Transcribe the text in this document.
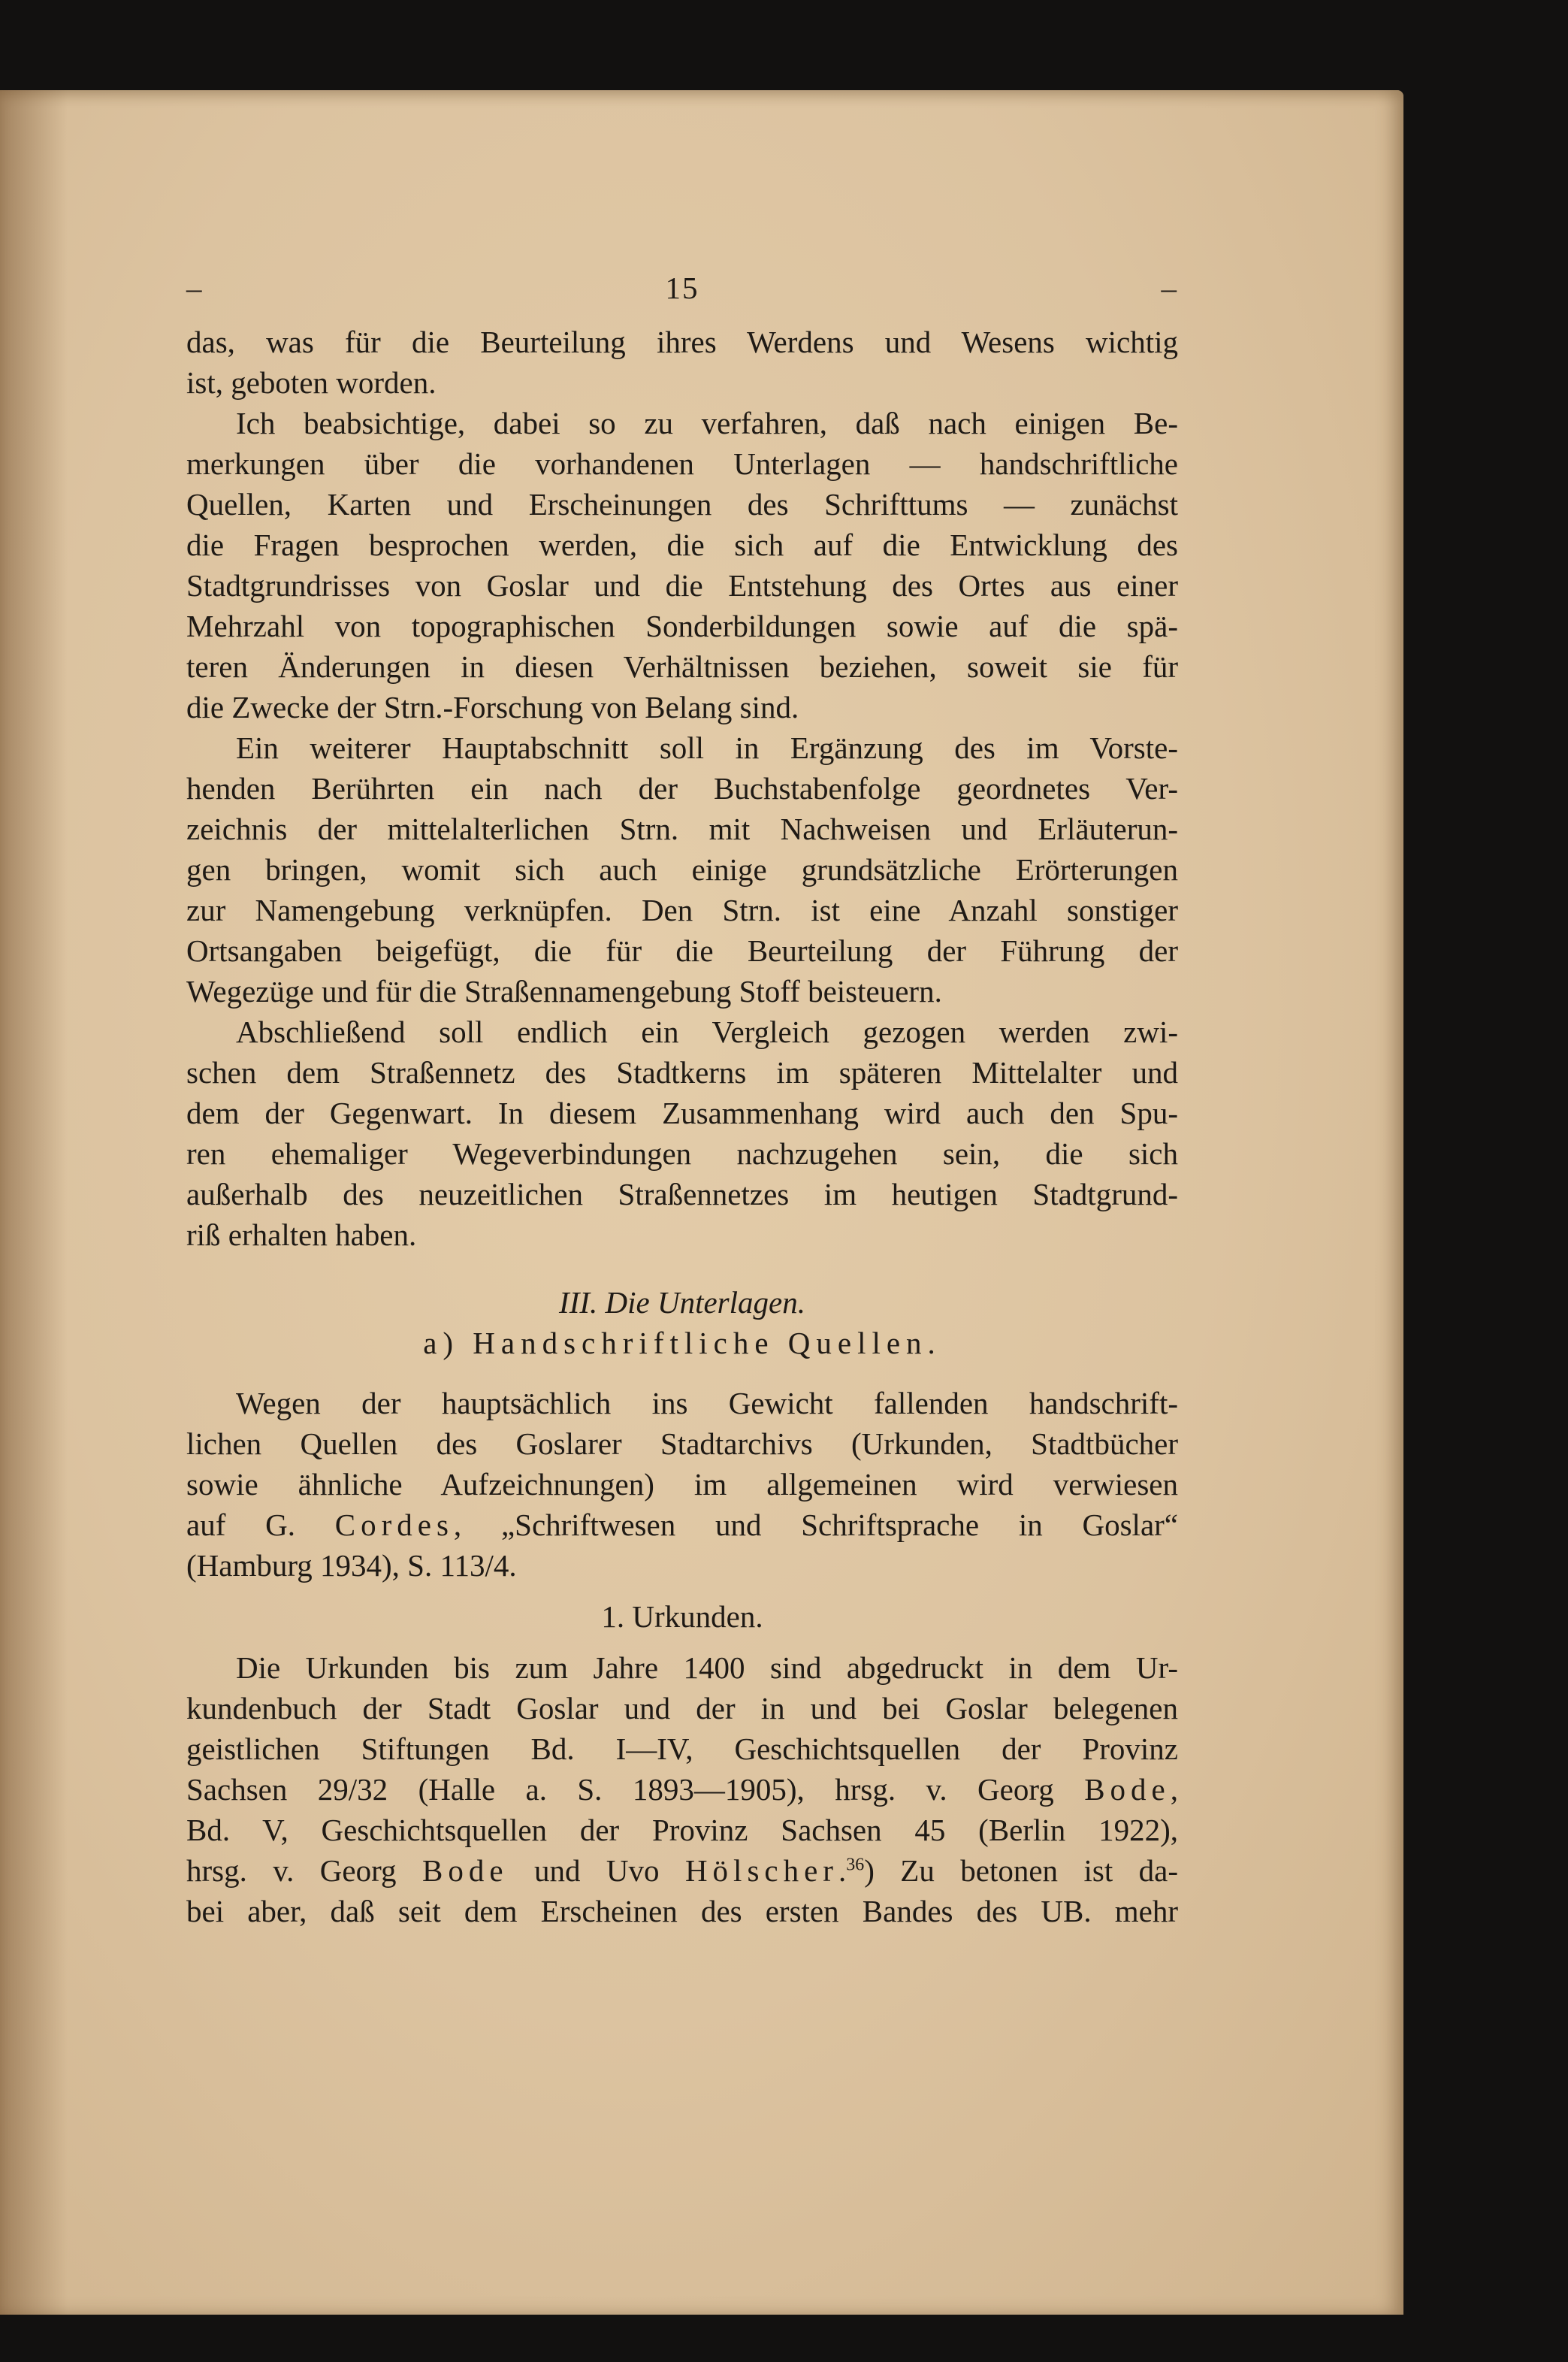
– 15 –

das, was für die Beurteilung ihres Werdens und Wesens wichtig

ist, geboten worden.

Ich beabsichtige, dabei so zu verfahren, daß nach einigen Be-

merkungen über die vorhandenen Unterlagen — handschriftliche

Quellen, Karten und Erscheinungen des Schrifttums — zunächst

die Fragen besprochen werden, die sich auf die Entwicklung des

Stadtgrundrisses von Goslar und die Entstehung des Ortes aus einer

Mehrzahl von topographischen Sonderbildungen sowie auf die spä-

teren Änderungen in diesen Verhältnissen beziehen, soweit sie für

die Zwecke der Strn.-Forschung von Belang sind.

Ein weiterer Hauptabschnitt soll in Ergänzung des im Vorste-

henden Berührten ein nach der Buchstabenfolge geordnetes Ver-

zeichnis der mittelalterlichen Strn. mit Nachweisen und Erläuterun-

gen bringen, womit sich auch einige grundsätzliche Erörterungen

zur Namengebung verknüpfen. Den Strn. ist eine Anzahl sonstiger

Ortsangaben beigefügt, die für die Beurteilung der Führung der

Wegezüge und für die Straßennamengebung Stoff beisteuern.

Abschließend soll endlich ein Vergleich gezogen werden zwi-

schen dem Straßennetz des Stadtkerns im späteren Mittelalter und

dem der Gegenwart. In diesem Zusammenhang wird auch den Spu-

ren ehemaliger Wegeverbindungen nachzugehen sein, die sich

außerhalb des neuzeitlichen Straßennetzes im heutigen Stadtgrund-

riß erhalten haben.

III. Die Unterlagen.

a) Handschriftliche Quellen.

Wegen der hauptsächlich ins Gewicht fallenden handschrift-

lichen Quellen des Goslarer Stadtarchivs (Urkunden, Stadtbücher

sowie ähnliche Aufzeichnungen) im allgemeinen wird verwiesen

auf G. Cordes, „Schriftwesen und Schriftsprache in Goslar“

(Hamburg 1934), S. 113/4.

1. Urkunden.

Die Urkunden bis zum Jahre 1400 sind abgedruckt in dem Ur-

kundenbuch der Stadt Goslar und der in und bei Goslar belegenen

geistlichen Stiftungen Bd. I—IV, Geschichtsquellen der Provinz

Sachsen 29/32 (Halle a. S. 1893—1905), hrsg. v. Georg Bode,

Bd. V, Geschichtsquellen der Provinz Sachsen 45 (Berlin 1922),

hrsg. v. Georg Bode und Uvo Hölscher.$^{36}$) Zu betonen ist da-

bei aber, daß seit dem Erscheinen des ersten Bandes des UB. mehr
